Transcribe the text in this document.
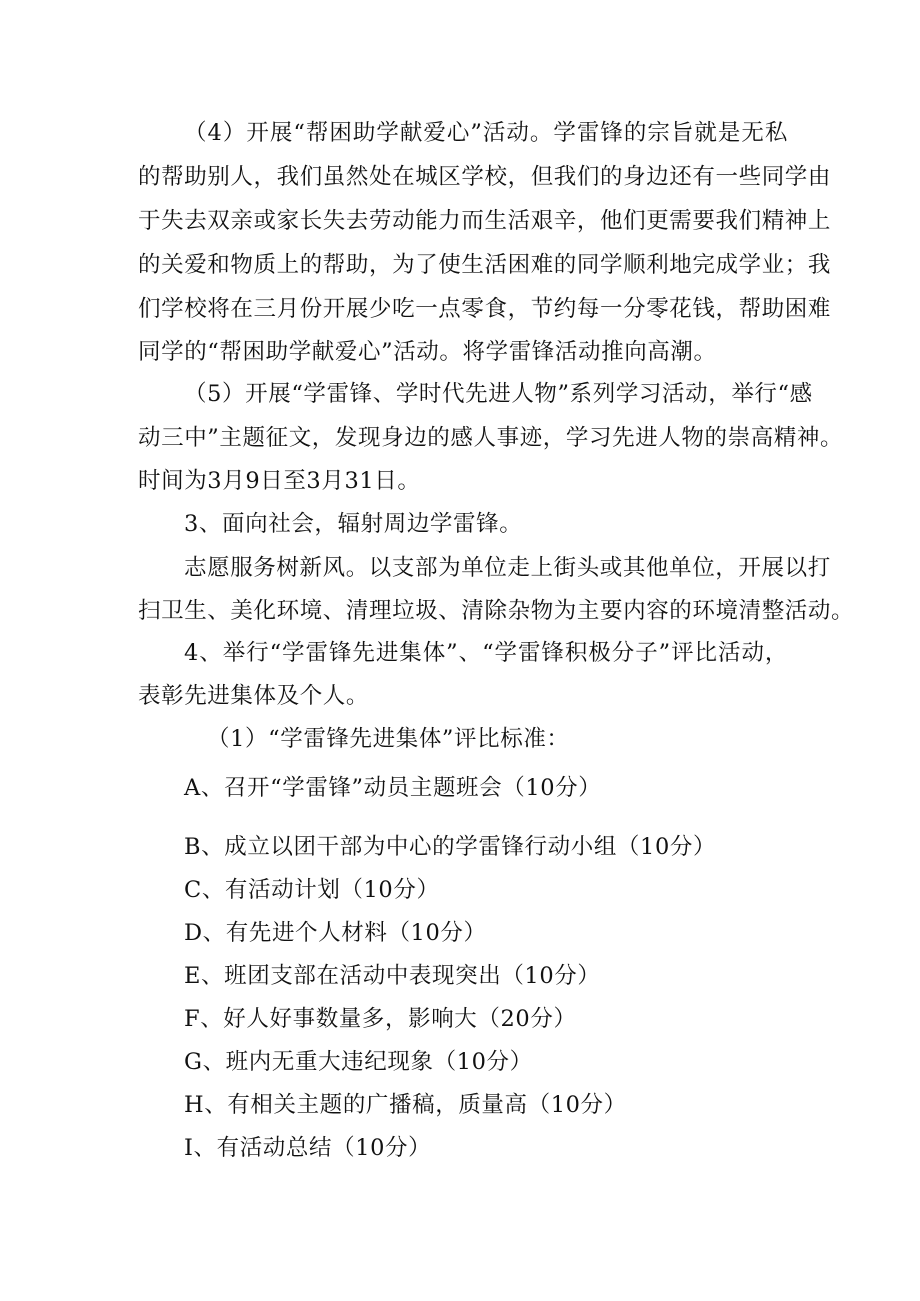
（4）开展“帮困助学献爱心”活动。学雷锋的宗旨就是无私
的帮助别人，我们虽然处在城区学校，但我们的身边还有一些同学由
于失去双亲或家长失去劳动能力而生活艰辛，他们更需要我们精神上
的关爱和物质上的帮助，为了使生活困难的同学顺利地完成学业；我
们学校将在三月份开展少吃一点零食，节约每一分零花钱，帮助困难
同学的“帮困助学献爱心”活动。将学雷锋活动推向高潮。
（5）开展“学雷锋、学时代先进人物”系列学习活动，举行“感
动三中”主题征文，发现身边的感人事迹，学习先进人物的崇高精神。
时间为3月9日至3月31日。
3、面向社会，辐射周边学雷锋。
志愿服务树新风。以支部为单位走上街头或其他单位，开展以打
扫卫生、美化环境、清理垃圾、清除杂物为主要内容的环境清整活动。
4、举行“学雷锋先进集体”、“学雷锋积极分子”评比活动，
表彰先进集体及个人。
（1）“学雷锋先进集体”评比标准：
A、召开“学雷锋”动员主题班会（10分）
B、成立以团干部为中心的学雷锋行动小组（10分）
C、有活动计划（10分）
D、有先进个人材料（10分）
E、班团支部在活动中表现突出（10分）
F、好人好事数量多，影响大（20分）
G、班内无重大违纪现象（10分）
H、有相关主题的广播稿，质量高（10分）
I、有活动总结（10分）
